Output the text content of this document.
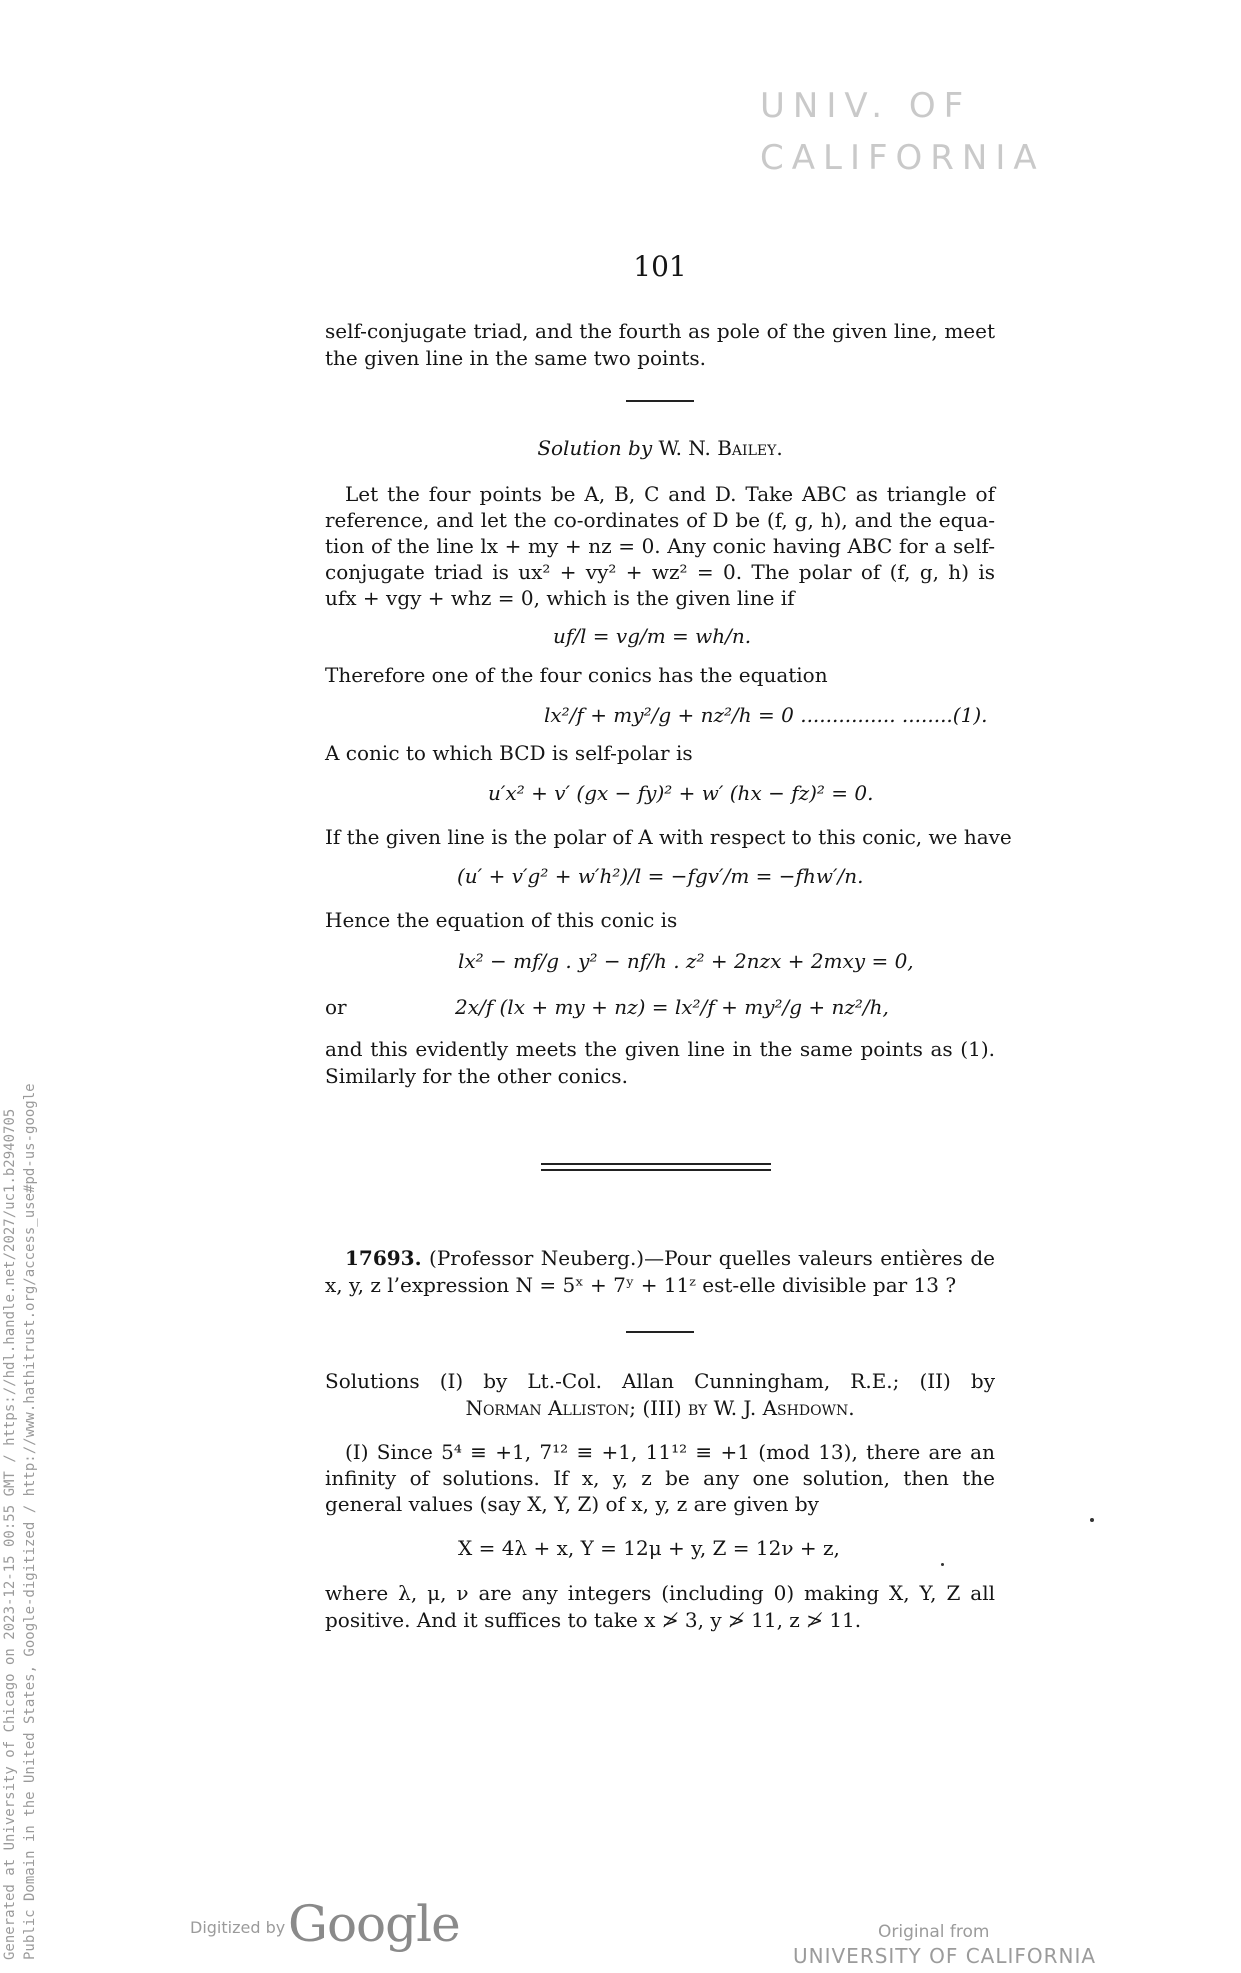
UNIV. OF
CALIFORNIA
101
self-conjugate triad, and the fourth as pole of the given line, meet
the given line in the same two points.
Solution by W. N. Bailey.
Let the four points be A, B, C and D. Take ABC as triangle of
reference, and let the co-ordinates of D be (f, g, h), and the equa-
tion of the line lx + my + nz = 0. Any conic having ABC for a self-
conjugate triad is ux² + vy² + wz² = 0. The polar of (f, g, h) is
ufx + vgy + whz = 0, which is the given line if
uf/l = vg/m = wh/n.
Therefore one of the four conics has the equation
lx²/f + my²/g + nz²/h = 0 ............... ........(1).
A conic to which BCD is self-polar is
u′x² + v′ (gx − fy)² + w′ (hx − fz)² = 0.
If the given line is the polar of A with respect to this conic, we have
(u′ + v′g² + w′h²)/l = −fgv′/m = −fhw′/n.
Hence the equation of this conic is
lx² − mf/g . y² − nf/h . z² + 2nzx + 2mxy = 0,
or	2x/f (lx + my + nz) = lx²/f + my²/g + nz²/h,
and this evidently meets the given line in the same points as (1).
Similarly for the other conics.
17693. (Professor Neuberg.)—Pour quelles valeurs entières de
x, y, z l’expression N = 5ˣ + 7ʸ + 11ᶻ est-elle divisible par 13 ?
Solutions (I) by Lt.-Col. Allan Cunningham, R.E.; (II) by
Norman Alliston; (III) by W. J. Ashdown.
(I) Since 5⁴ ≡ +1, 7¹² ≡ +1, 11¹² ≡ +1 (mod 13), there are an
infinity of solutions. If x, y, z be any one solution, then the
general values (say X, Y, Z) of x, y, z are given by
X = 4λ + x, Y = 12μ + y, Z = 12ν + z,
where λ, μ, ν are any integers (including 0) making X, Y, Z all
positive. And it suffices to take x ≯ 3, y ≯ 11, z ≯ 11.
Generated at University of Chicago on 2023-12-15 00:55 GMT / https://hdl.handle.net/2027/uc1.b2940705 Public Domain in the United States, Google-digitized / http://www.hathitrust.org/access_use#pd-us-google	Digitized by Google	Original from
UNIVERSITY OF CALIFORNIA
